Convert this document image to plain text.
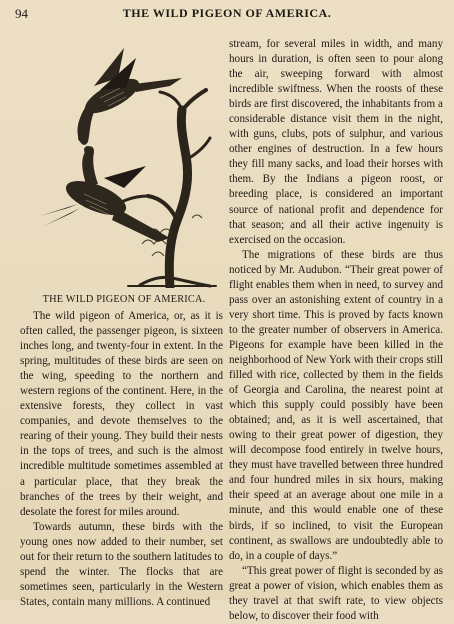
94	THE WILD PIGEON OF AMERICA.
THE WILD PIGEON OF AMERICA.

The wild pigeon of America, or, as it is often called, the passenger pigeon, is sixteen inches long, and twenty-four in extent. In the spring, multitudes of these birds are seen on the wing, speeding to the northern and western regions of the continent. Here, in the extensive forests, they collect in vast companies, and devote themselves to the rearing of their young. They build their nests in the tops of trees, and such is the almost incredible multitude sometimes assembled at a particular place, that they break the branches of the trees by their weight, and desolate the forest for miles around.

Towards autumn, these birds with the young ones now added to their number, set out for their return to the southern latitudes to spend the winter. The flocks that are sometimes seen, particularly in the Western States, contain many millions. A continued

stream, for several miles in width, and many hours in duration, is often seen to pour along the air, sweeping forward with almost incredible swiftness. When the roosts of these birds are first discovered, the inhabitants from a considerable distance visit them in the night, with guns, clubs, pots of sulphur, and various other engines of destruction. In a few hours they fill many sacks, and load their horses with them. By the Indians a pigeon roost, or breeding place, is considered an important source of national profit and dependence for that season; and all their active ingenuity is exercised on the occasion.

The migrations of these birds are thus noticed by Mr. Audubon. “Their great power of flight enables them when in need, to survey and pass over an astonishing extent of country in a very short time. This is proved by facts known to the greater number of observers in America. Pigeons for example have been killed in the neighborhood of New York with their crops still filled with rice, collected by them in the fields of Georgia and Carolina, the nearest point at which this supply could possibly have been obtained; and, as it is well ascertained, that owing to their great power of digestion, they will decompose food entirely in twelve hours, they must have travelled between three hundred and four hundred miles in six hours, making their speed at an average about one mile in a minute, and this would enable one of these birds, if so inclined, to visit the European continent, as swallows are undoubtedly able to do, in a couple of days.”

“This great power of flight is seconded by as great a power of vision, which enables them as they travel at that swift rate, to view objects below, to discover their food with
